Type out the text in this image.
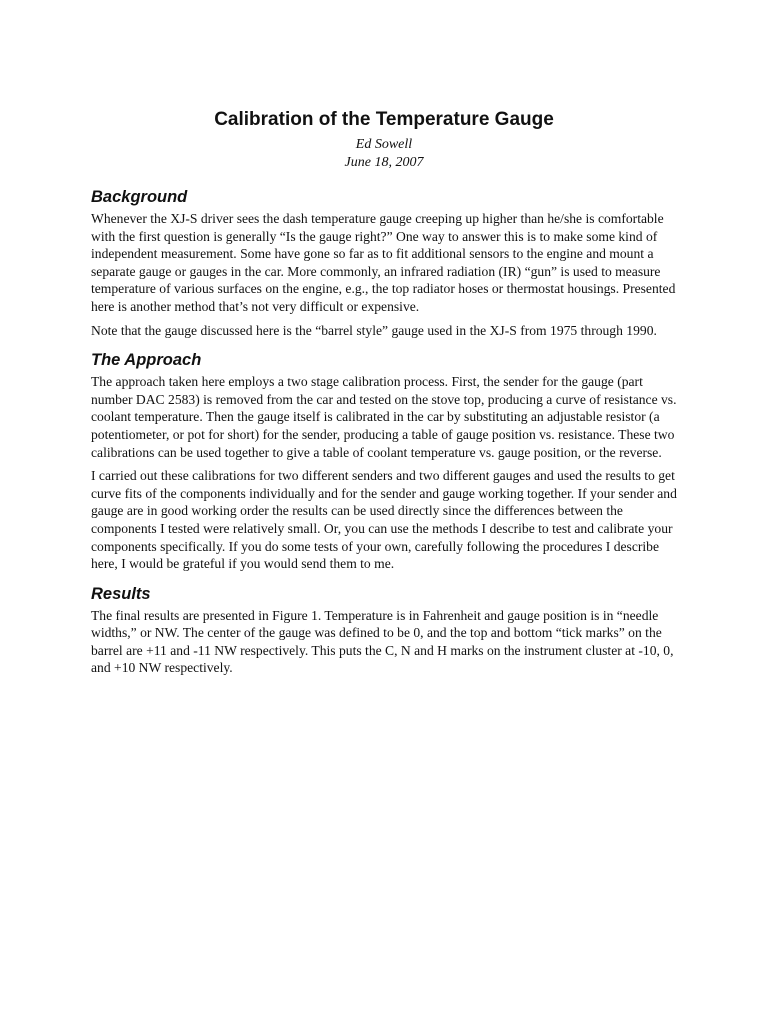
Calibration of the Temperature Gauge
Ed Sowell
June 18, 2007
Background

Whenever the XJ-S driver sees the dash temperature gauge creeping up higher than he/she is comfortable with the first question is generally “Is the gauge right?” One way to answer this is to make some kind of independent measurement. Some have gone so far as to fit additional sensors to the engine and mount a separate gauge or gauges in the car. More commonly, an infrared radiation (IR) “gun” is used to measure temperature of various surfaces on the engine, e.g., the top radiator hoses or thermostat housings. Presented here is another method that’s not very difficult or expensive.

Note that the gauge discussed here is the “barrel style” gauge used in the XJ-S from 1975 through 1990.

The Approach

The approach taken here employs a two stage calibration process. First, the sender for the gauge (part number DAC 2583) is removed from the car and tested on the stove top, producing a curve of resistance vs. coolant temperature. Then the gauge itself is calibrated in the car by substituting an adjustable resistor (a potentiometer, or pot for short) for the sender, producing a table of gauge position vs. resistance. These two calibrations can be used together to give a table of coolant temperature vs. gauge position, or the reverse.

I carried out these calibrations for two different senders and two different gauges and used the results to get curve fits of the components individually and for the sender and gauge working together. If your sender and gauge are in good working order the results can be used directly since the differences between the components I tested were relatively small. Or, you can use the methods I describe to test and calibrate your components specifically. If you do some tests of your own, carefully following the procedures I describe here, I would be grateful if you would send them to me.

Results

The final results are presented in Figure 1. Temperature is in Fahrenheit and gauge position is in “needle widths,” or NW. The center of the gauge was defined to be 0, and the top and bottom “tick marks” on the barrel are +11 and -11 NW respectively. This puts the C, N and H marks on the instrument cluster at -10, 0, and +10 NW respectively.
